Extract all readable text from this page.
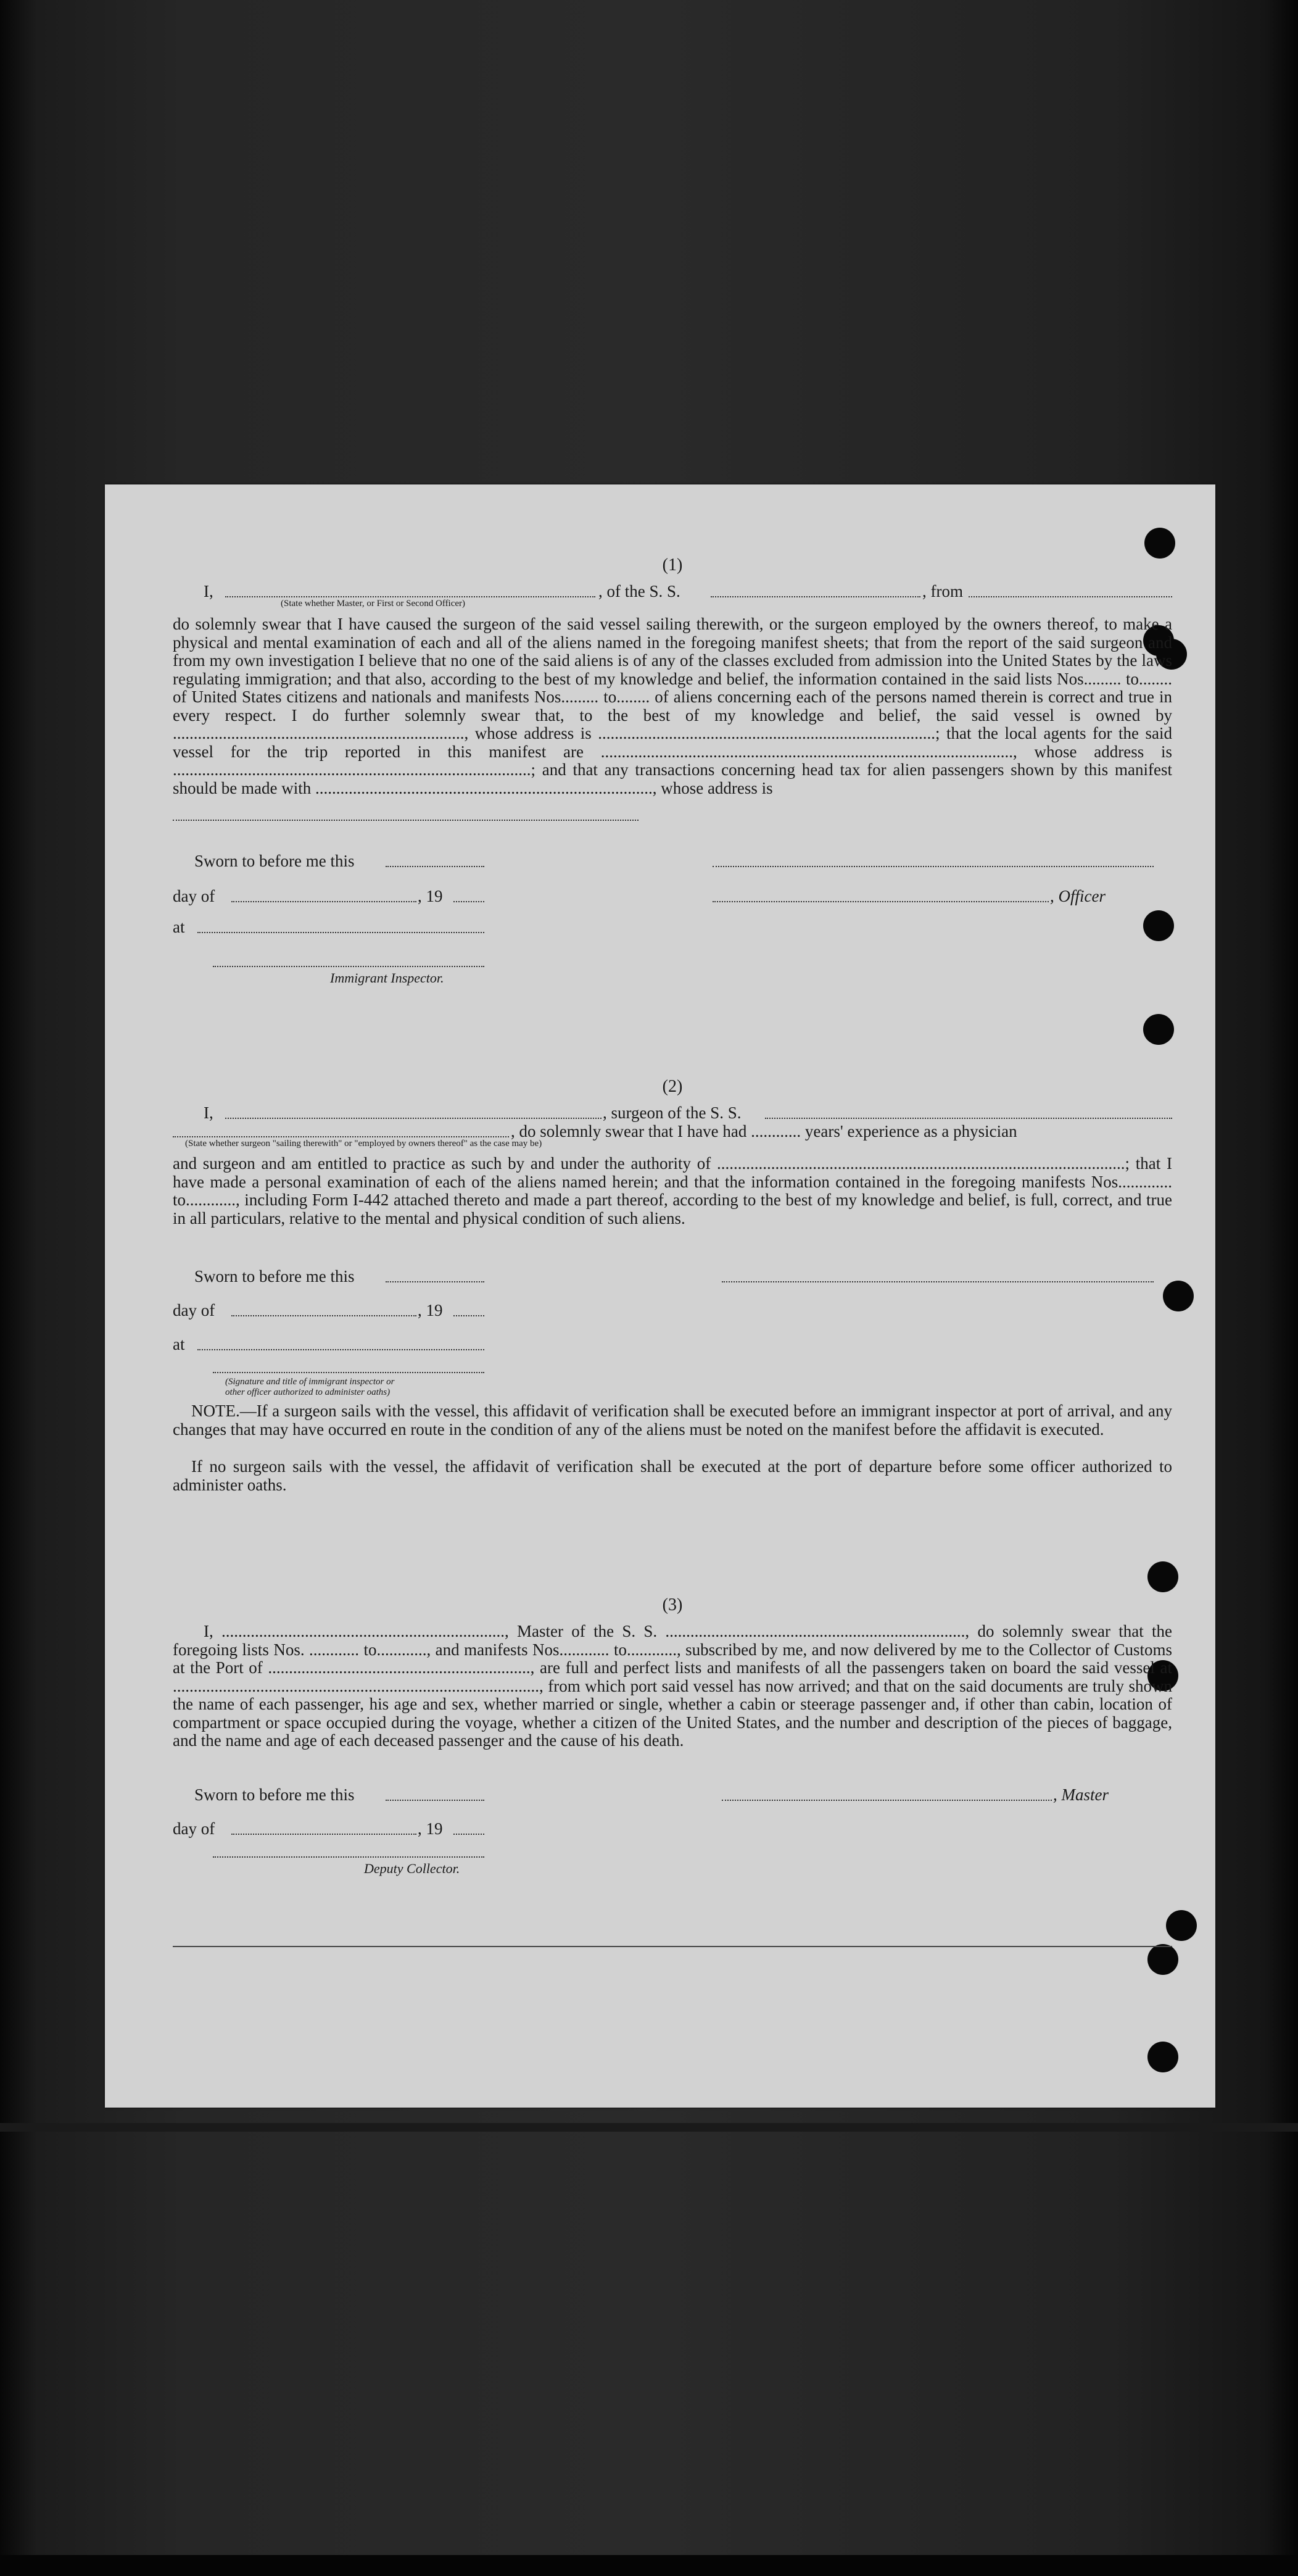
(1)
I,	, of the S. S.	, from
(State whether Master, or First or Second Officer)
do solemnly swear that I have caused the surgeon of the said vessel sailing therewith, or the surgeon employed by the owners thereof, to make a physical and mental examination of each and all of the aliens named in the foregoing manifest sheets; that from the report of the said surgeon and from my own investigation I believe that no one of the said aliens is of any of the classes excluded from admission into the United States by the laws regulating immigration; and that also, according to the best of my knowledge and belief, the information contained in the said lists Nos......... to........ of United States citizens and nationals and manifests Nos......... to........ of aliens concerning each of the persons named therein is correct and true in every respect. I do further solemnly swear that, to the best of my knowledge and belief, the said vessel is owned by ......................................................................, whose address is .................................................................................; that the local agents for the said vessel for the trip reported in this manifest are ..................................................................................................., whose address is ......................................................................................; and that any transactions concerning head tax for alien passengers shown by this manifest should be made with ................................................................................., whose address is
Sworn to before me this
day of	, 19	, Officer
at
Immigrant Inspector.
(2)
I,	, surgeon of the S. S.
, do solemnly swear that I have had ............ years' experience as a physician
(State whether surgeon "sailing therewith" or "employed by owners thereof" as the case may be)
and surgeon and am entitled to practice as such by and under the authority of ..................................................................................................; that I have made a personal examination of each of the aliens named herein; and that the information contained in the foregoing manifests Nos............. to............, including Form I-442 attached thereto and made a part thereof, according to the best of my knowledge and belief, is full, correct, and true in all particulars, relative to the mental and physical condition of such aliens.
Sworn to before me this
day of	, 19
at
(Signature and title of immigrant inspector or
other officer authorized to administer oaths)
NOTE.—If a surgeon sails with the vessel, this affidavit of verification shall be executed before an immigrant inspector at port of arrival, and any changes that may have occurred en route in the condition of any of the aliens must be noted on the manifest before the affidavit is executed.
If no surgeon sails with the vessel, the affidavit of verification shall be executed at the port of departure before some officer authorized to administer oaths.
(3)
I, ...................................................................., Master of the S. S. ........................................................................, do solemnly swear that the foregoing lists Nos. ............ to............, and manifests Nos............ to............, subscribed by me, and now delivered by me to the Collector of Customs at the Port of ..............................................................., are full and perfect lists and manifests of all the passengers taken on board the said vessel at ........................................................................................, from which port said vessel has now arrived; and that on the said documents are truly shown the name of each passenger, his age and sex, whether married or single, whether a cabin or steerage passenger and, if other than cabin, location of compartment or space occupied during the voyage, whether a citizen of the United States, and the number and description of the pieces of baggage, and the name and age of each deceased passenger and the cause of his death.
Sworn to before me this	, Master
day of	, 19
Deputy Collector.
